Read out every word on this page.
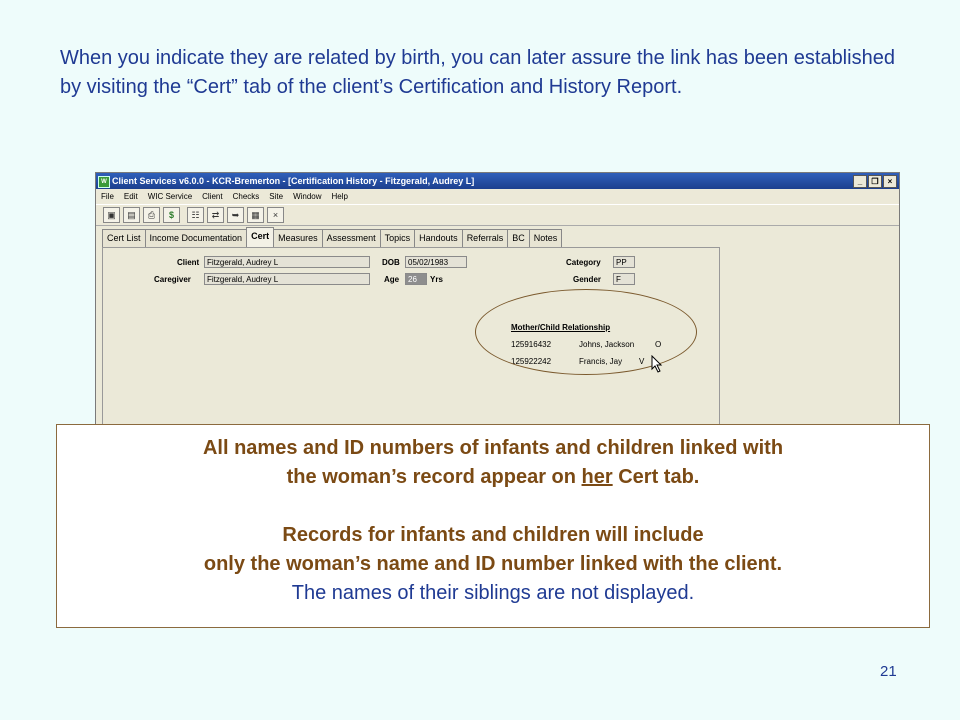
When you indicate they are related by birth, you can later assure the link has been established by visiting the “Cert” tab of the client’s Certification and History Report.
W Client Services v6.0.0 - KCR-Bremerton - [Certification History - Fitzgerald, Audrey L]	_	❐	×
File Edit WIC Service Client Checks Site Window Help
▣	▤	⎙	$	☷	⇄	➥	▦	×
Cert List	Income Documentation	Cert	Measures	Assessment	Topics	Handouts	Referrals	BC	Notes
Client Fitzgerald, Audrey L
Caregiver	Fitzgerald, Audrey L
DOB	05/02/1983
Age	26	Yrs
Category	PP
Gender	F
Mother/Child Relationship
125916432	Johns, Jackson	O
125922242	Francis, Jay V
All names and ID numbers of infants and children linked with
the woman’s record appear on her Cert tab.
Records for infants and children will include
only the woman’s name and ID number linked with the client.
The names of their siblings are not displayed.
21
